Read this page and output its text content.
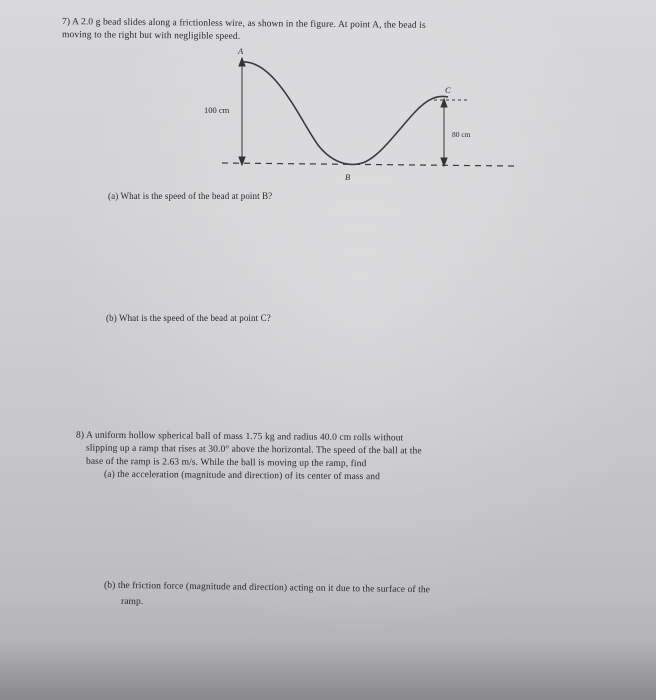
7) A 2.0 g bead slides along a frictionless wire, as shown in the figure. At point A, the bead is
moving to the right but with negligible speed.
A
B
C
100 cm
80 cm
(a) What is the speed of the bead at point B?
(b) What is the speed of the bead at point C?
8) A uniform hollow spherical ball of mass 1.75 kg and radius 40.0 cm rolls without
slipping up a ramp that rises at 30.0° above the horizontal. The speed of the ball at the
base of the ramp is 2.63 m/s. While the ball is moving up the ramp, find
(a) the acceleration (magnitude and direction) of its center of mass and
(b) the friction force (magnitude and direction) acting on it due to the surface of the
ramp.
